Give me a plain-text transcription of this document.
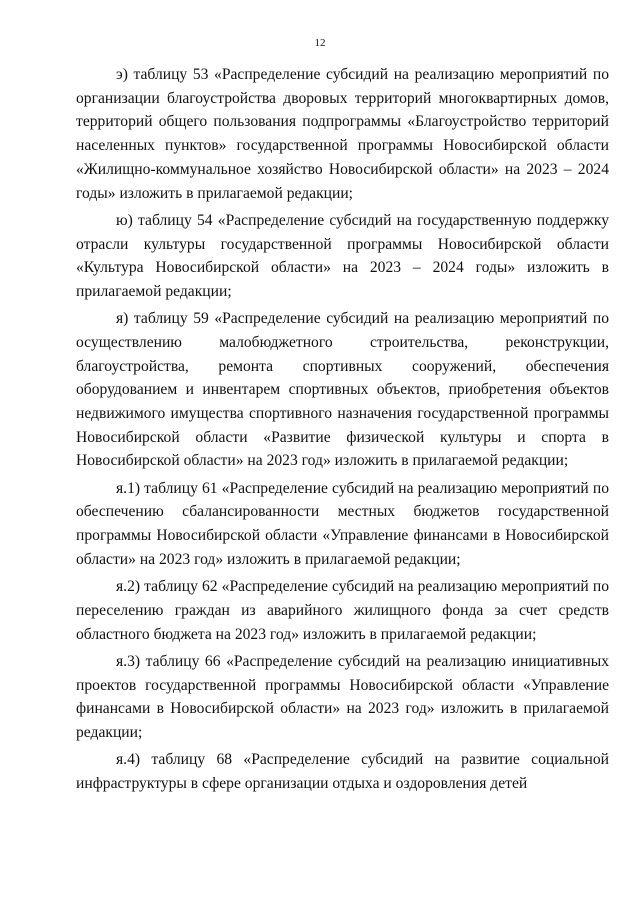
12

э) таблицу 53 «Распределение субсидий на реализацию мероприятий по организации благоустройства дворовых территорий многоквартирных домов, территорий общего пользования подпрограммы «Благоустройство территорий населенных пунктов» государственной программы Новосибирской области «Жилищно-коммунальное хозяйство Новосибирской области» на 2023 – 2024 годы» изложить в прилагаемой редакции;

ю) таблицу 54 «Распределение субсидий на государственную поддержку отрасли культуры государственной программы Новосибирской области «Культура Новосибирской области» на 2023 – 2024 годы» изложить в прилагаемой редакции;

я) таблицу 59 «Распределение субсидий на реализацию мероприятий по осуществлению малобюджетного строительства, реконструкции, благоустройства, ремонта спортивных сооружений, обеспечения оборудованием и инвентарем спортивных объектов, приобретения объектов недвижимого имущества спортивного назначения государственной программы Новосибирской области «Развитие физической культуры и спорта в Новосибирской области» на 2023 год» изложить в прилагаемой редакции;

я.1) таблицу 61 «Распределение субсидий на реализацию мероприятий по обеспечению сбалансированности местных бюджетов государственной программы Новосибирской области «Управление финансами в Новосибирской области» на 2023 год» изложить в прилагаемой редакции;

я.2) таблицу 62 «Распределение субсидий на реализацию мероприятий по переселению граждан из аварийного жилищного фонда за счет средств областного бюджета на 2023 год» изложить в прилагаемой редакции;

я.3) таблицу 66 «Распределение субсидий на реализацию инициативных проектов государственной программы Новосибирской области «Управление финансами в Новосибирской области» на 2023 год» изложить в прилагаемой редакции;

я.4) таблицу 68 «Распределение субсидий на развитие социальной инфраструктуры в сфере организации отдыха и оздоровления детей
